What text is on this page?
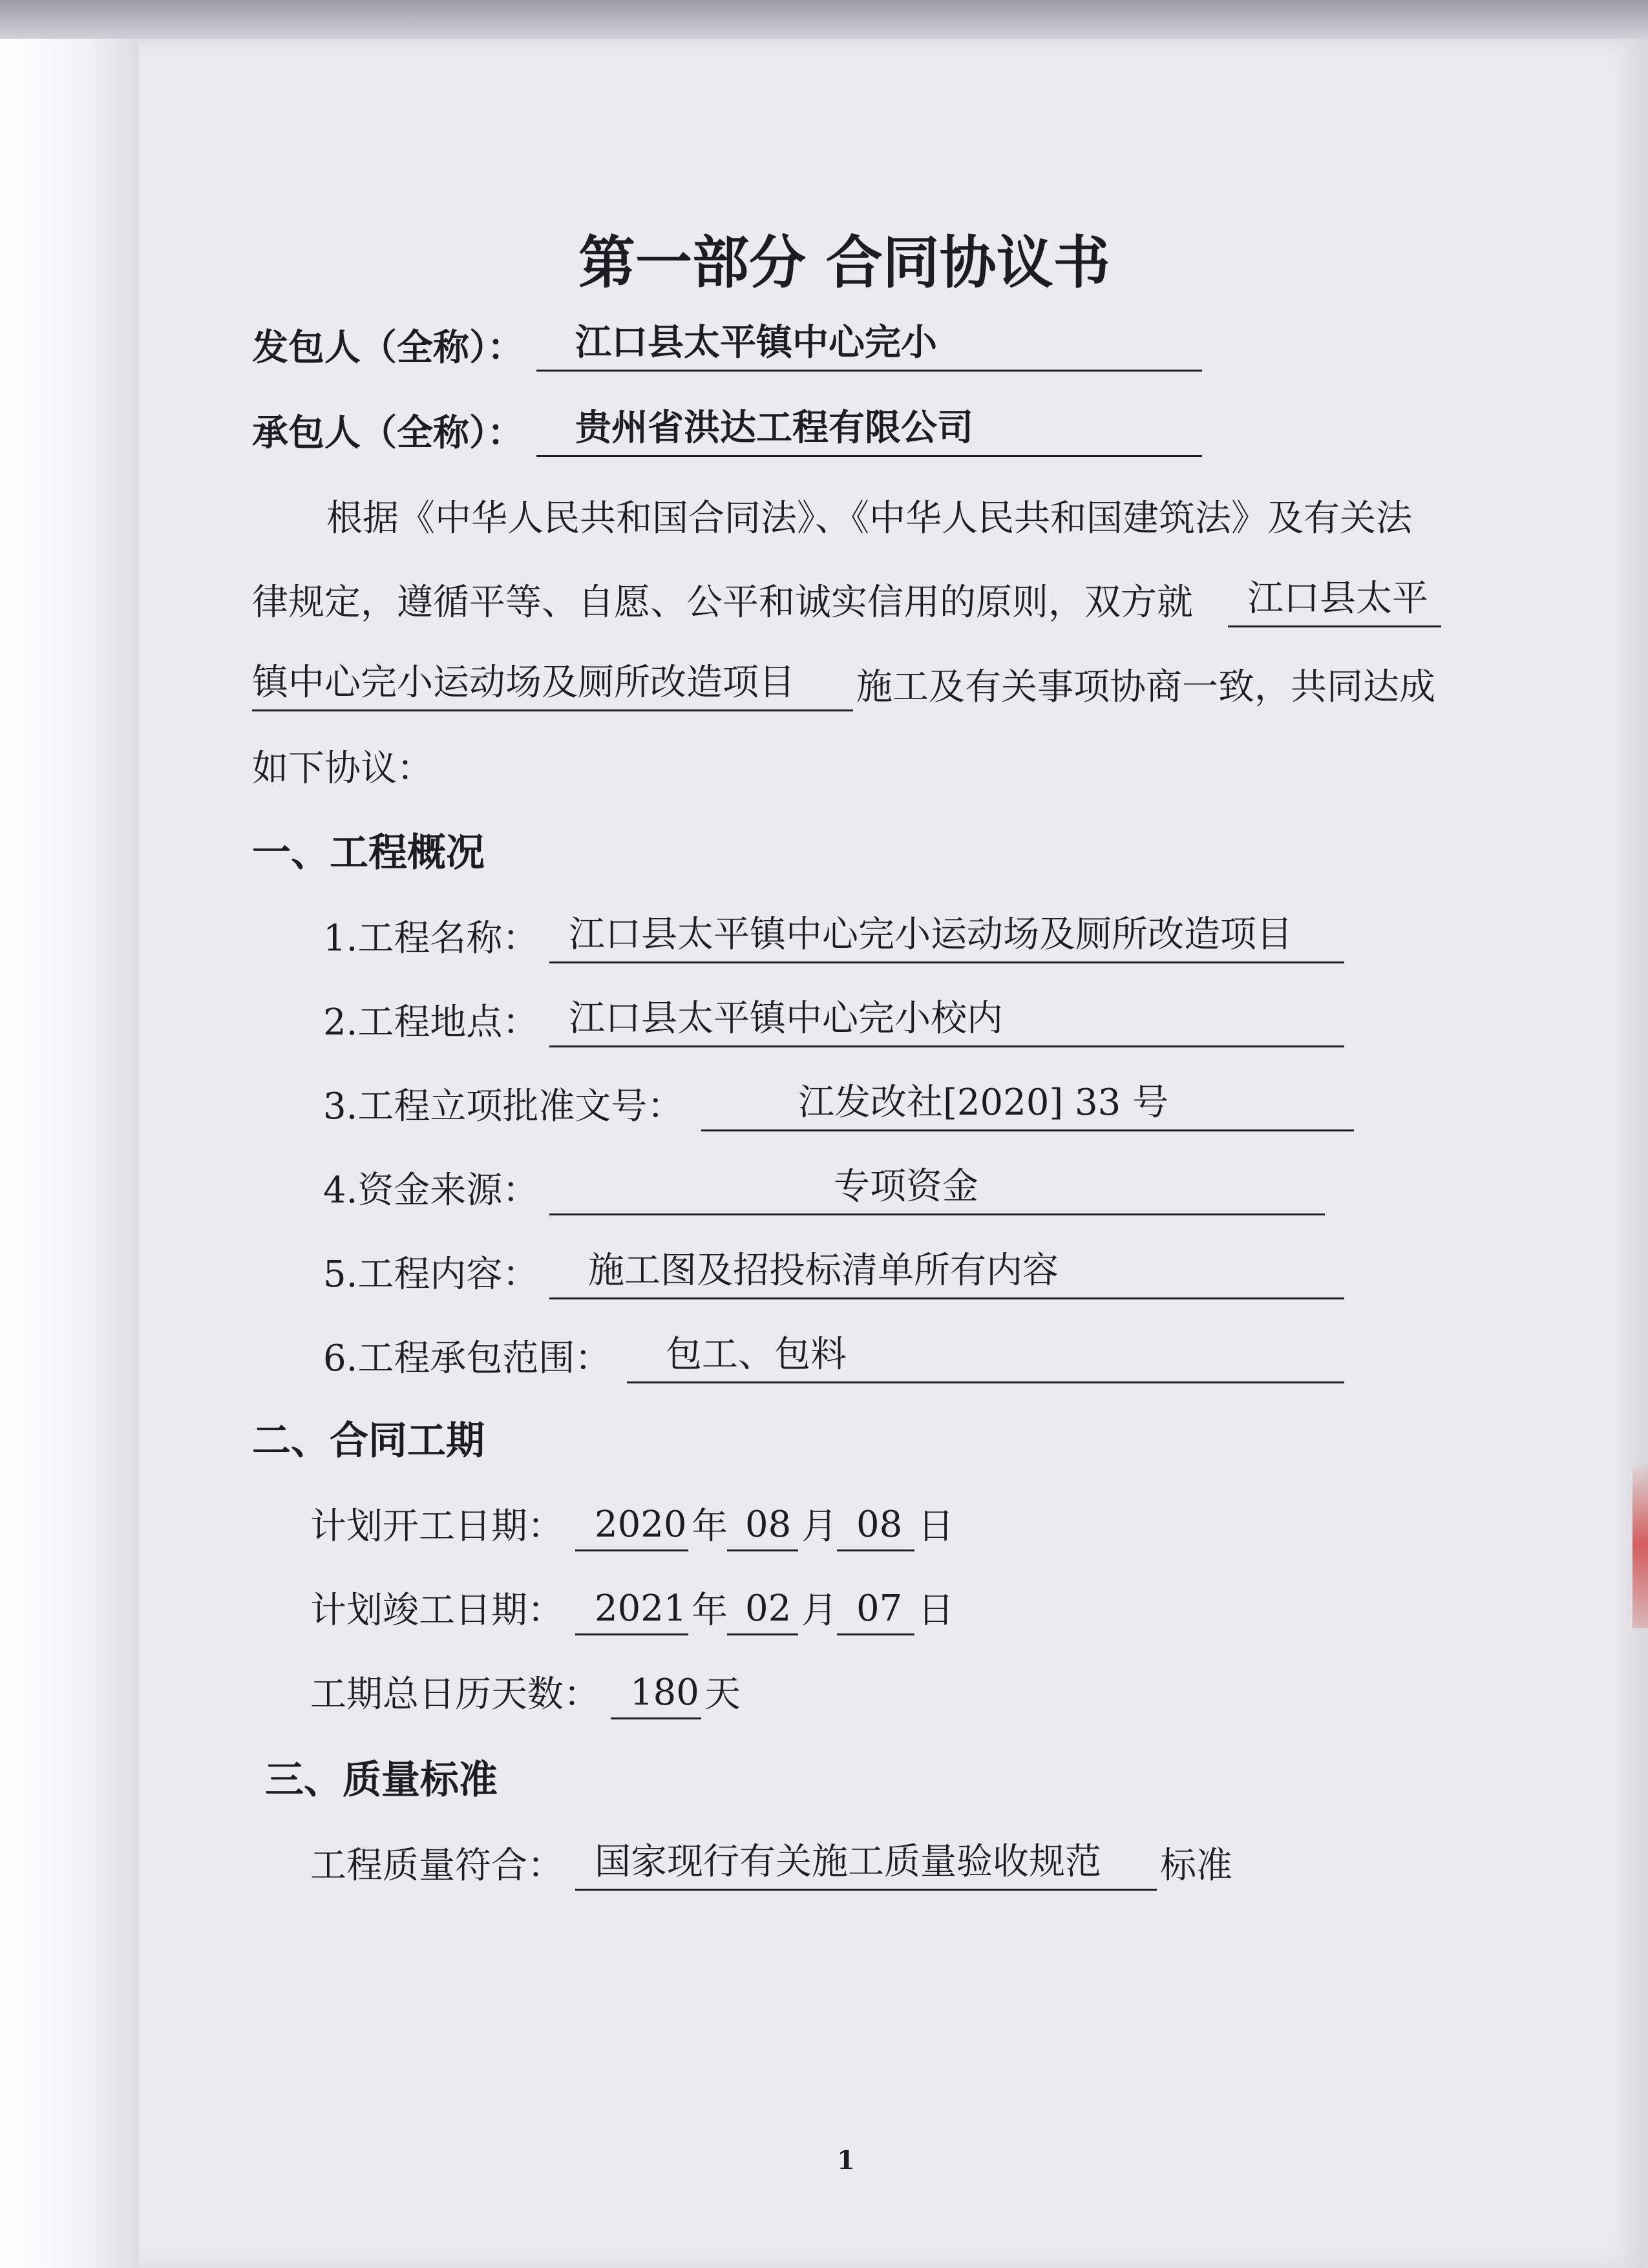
第一部分 合同协议书
发包人（全称）： 江口县太平镇中心完小
承包人（全称）： 贵州省洪达工程有限公司
根据《中华人民共和国合同法》、《中华人民共和国建筑法》及有关法
律规定，遵循平等、自愿、公平和诚实信用的原则，双方就 江口县太平
镇中心完小运动场及厕所改造项目 施工及有关事项协商一致，共同达成
如下协议：
一、工程概况
1.工程名称： 江口县太平镇中心完小运动场及厕所改造项目
2.工程地点： 江口县太平镇中心完小校内
3.工程立项批准文号：	江发改社[2020] 33 号
4.资金来源：	专项资金
5.工程内容： 施工图及招投标清单所有内容
6.工程承包范围： 包工、包料
二、合同工期
计划开工日期： 2020 年 08 月 08 日
计划竣工日期： 2021 年 02 月 07 日
工期总日历天数： 180 天
三、质量标准
工程质量符合： 国家现行有关施工质量验收规范 标准
1
